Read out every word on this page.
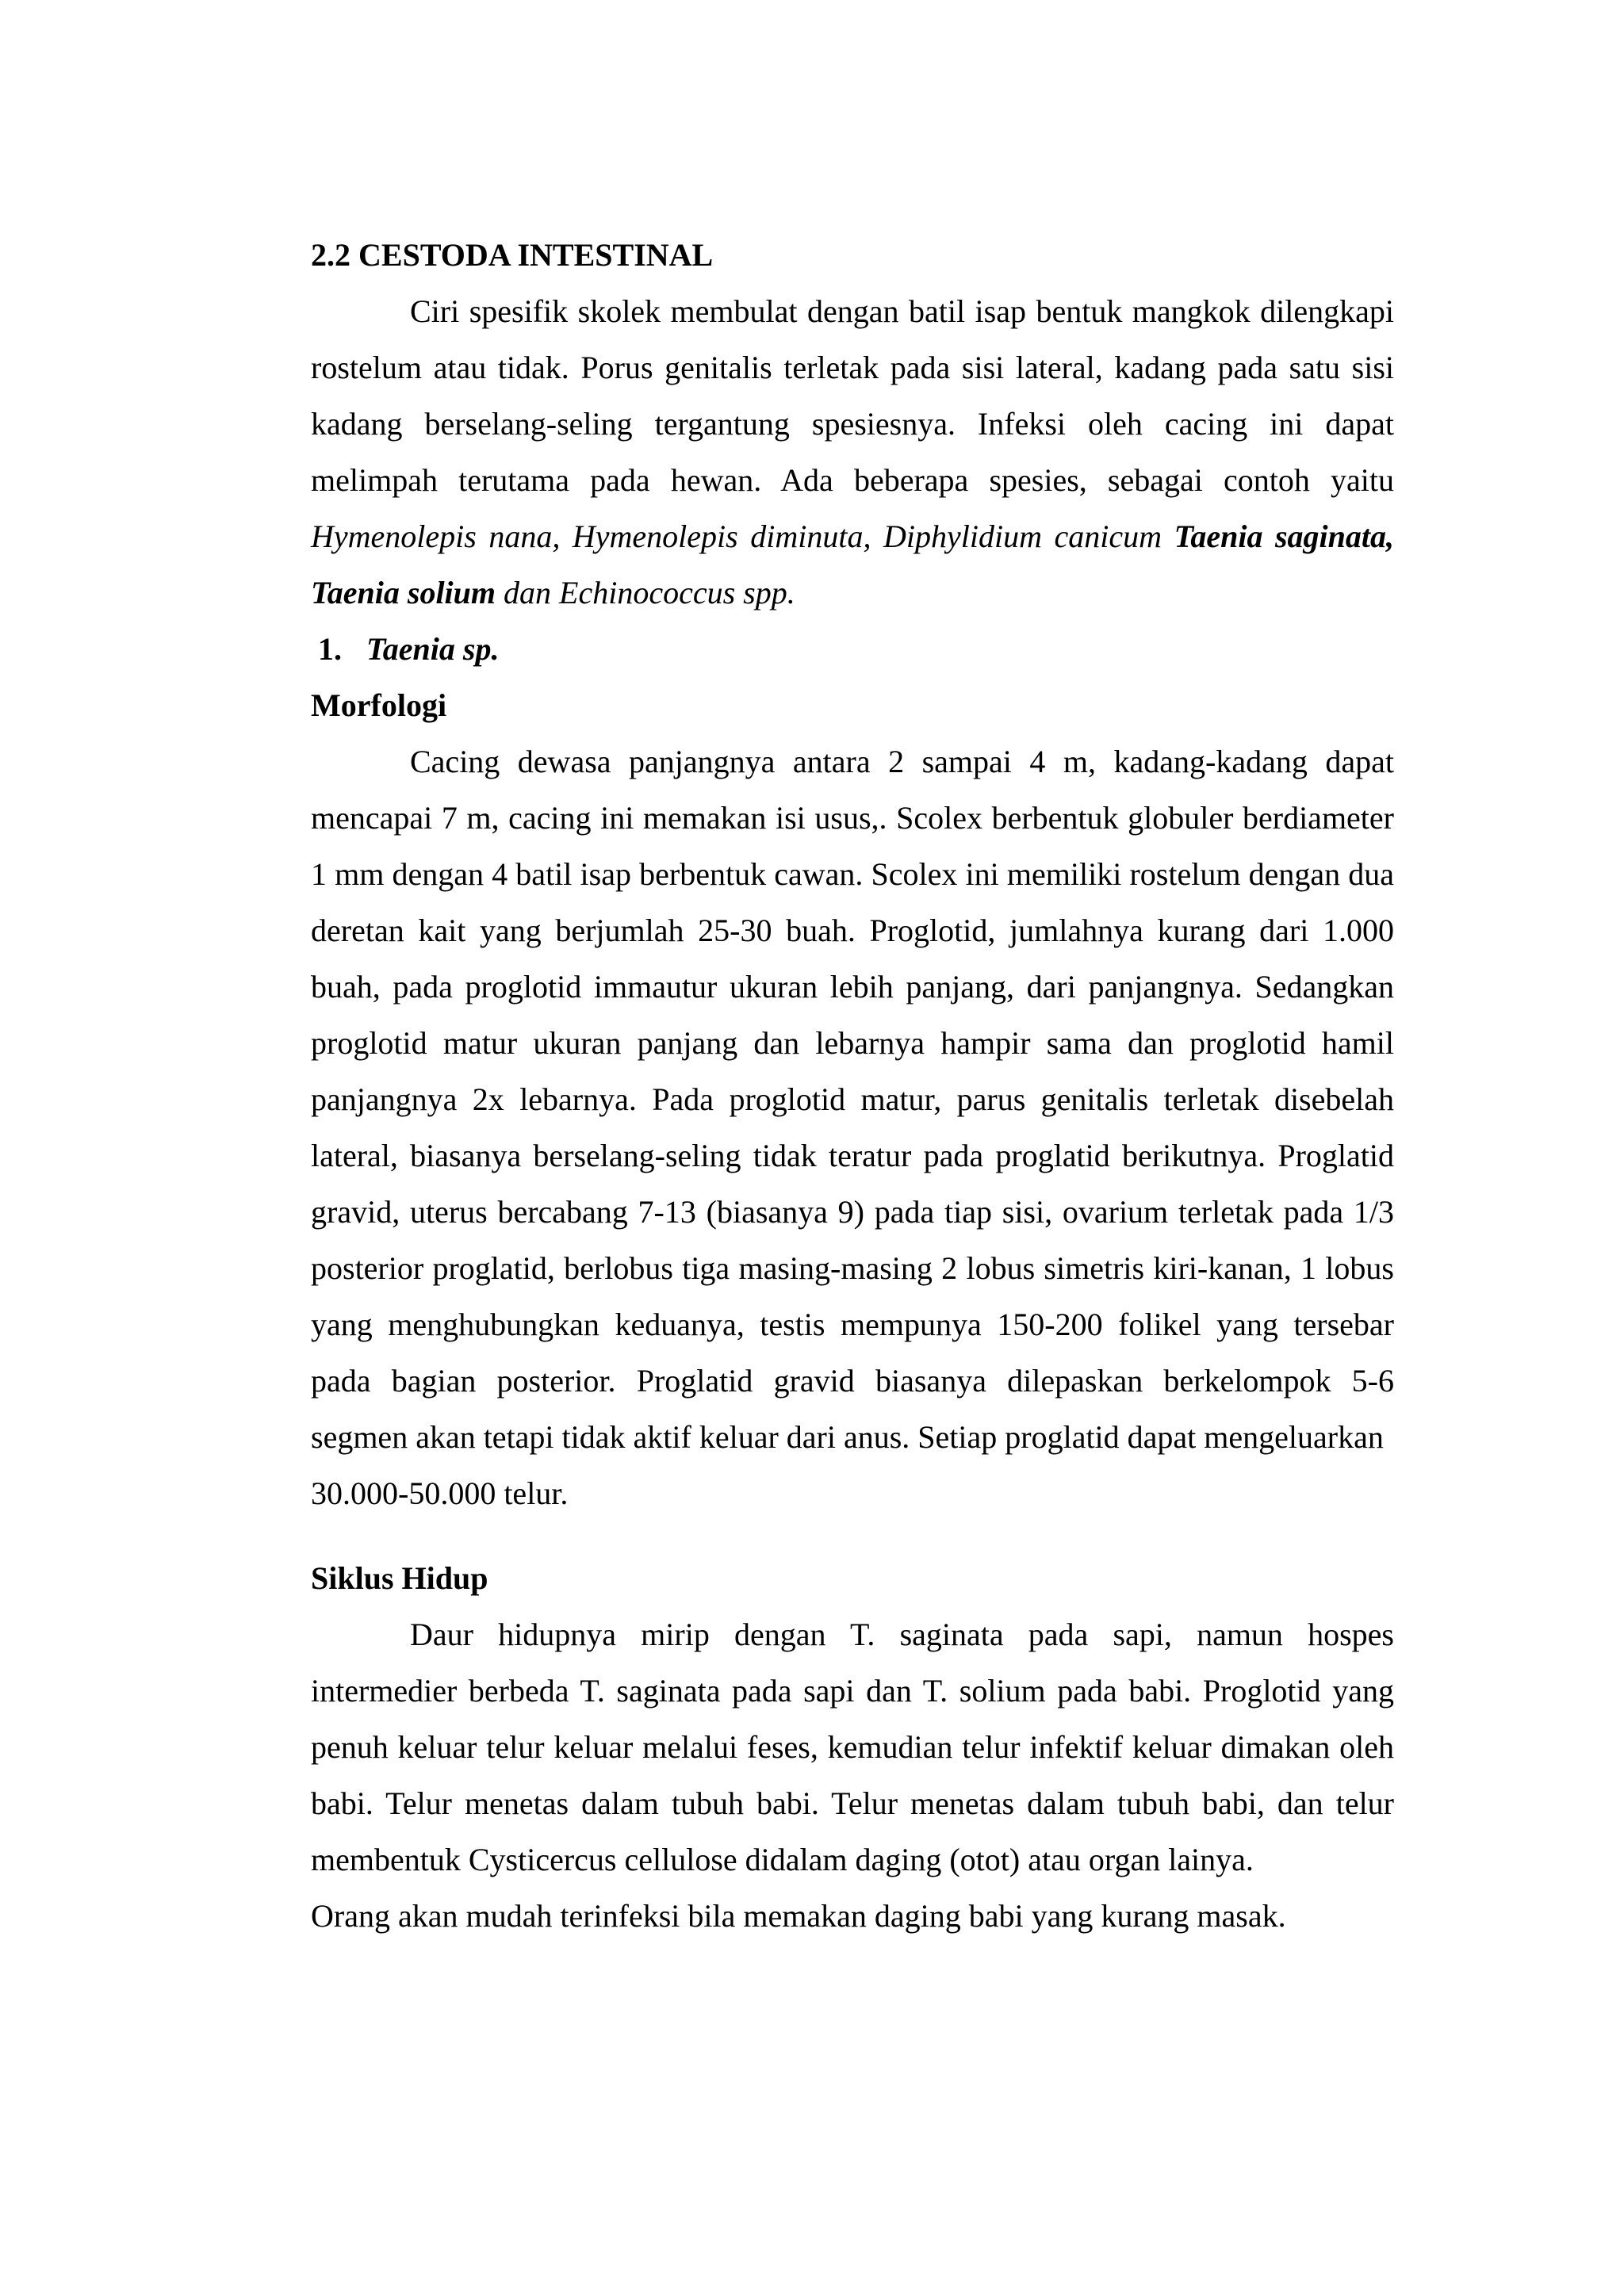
2.2 CESTODA INTESTINAL

Ciri spesifik skolek membulat dengan batil isap bentuk mangkok dilengkapi rostelum atau tidak. Porus genitalis terletak pada sisi lateral, kadang pada satu sisi kadang berselang-seling tergantung spesiesnya. Infeksi oleh cacing ini dapat melimpah terutama pada hewan. Ada beberapa spesies, sebagai contoh yaitu Hymenolepis nana, Hymenolepis diminuta, Diphylidium canicum Taenia saginata, Taenia solium dan Echinococcus spp.

1. Taenia sp.

Morfologi

Cacing dewasa panjangnya antara 2 sampai 4 m, kadang-kadang dapat mencapai 7 m, cacing ini memakan isi usus,. Scolex berbentuk globuler berdiameter 1 mm dengan 4 batil isap berbentuk cawan. Scolex ini memiliki rostelum dengan dua deretan kait yang berjumlah 25-30 buah. Proglotid, jumlahnya kurang dari 1.000 buah, pada proglotid immautur ukuran lebih panjang, dari panjangnya. Sedangkan proglotid matur ukuran panjang dan lebarnya hampir sama dan proglotid hamil panjangnya 2x lebarnya. Pada proglotid matur, parus genitalis terletak disebelah lateral, biasanya berselang-seling tidak teratur pada proglatid berikutnya. Proglatid gravid, uterus bercabang 7-13 (biasanya 9) pada tiap sisi, ovarium terletak pada 1/3 posterior proglatid, berlobus tiga masing-masing 2 lobus simetris kiri-kanan, 1 lobus yang menghubungkan keduanya, testis mempunya 150-200 folikel yang tersebar pada bagian posterior. Proglatid gravid biasanya dilepaskan berkelompok 5-6 segmen akan tetapi tidak aktif keluar dari anus. Setiap proglatid dapat mengeluarkan

30.000-50.000 telur.

Siklus Hidup

Daur hidupnya mirip dengan T. saginata pada sapi, namun hospes intermedier berbeda T. saginata pada sapi dan T. solium pada babi. Proglotid yang penuh keluar telur keluar melalui feses, kemudian telur infektif keluar dimakan oleh babi. Telur menetas dalam tubuh babi. Telur menetas dalam tubuh babi, dan telur membentuk Cysticercus cellulose didalam daging (otot) atau organ lainya.

Orang akan mudah terinfeksi bila memakan daging babi yang kurang masak.
